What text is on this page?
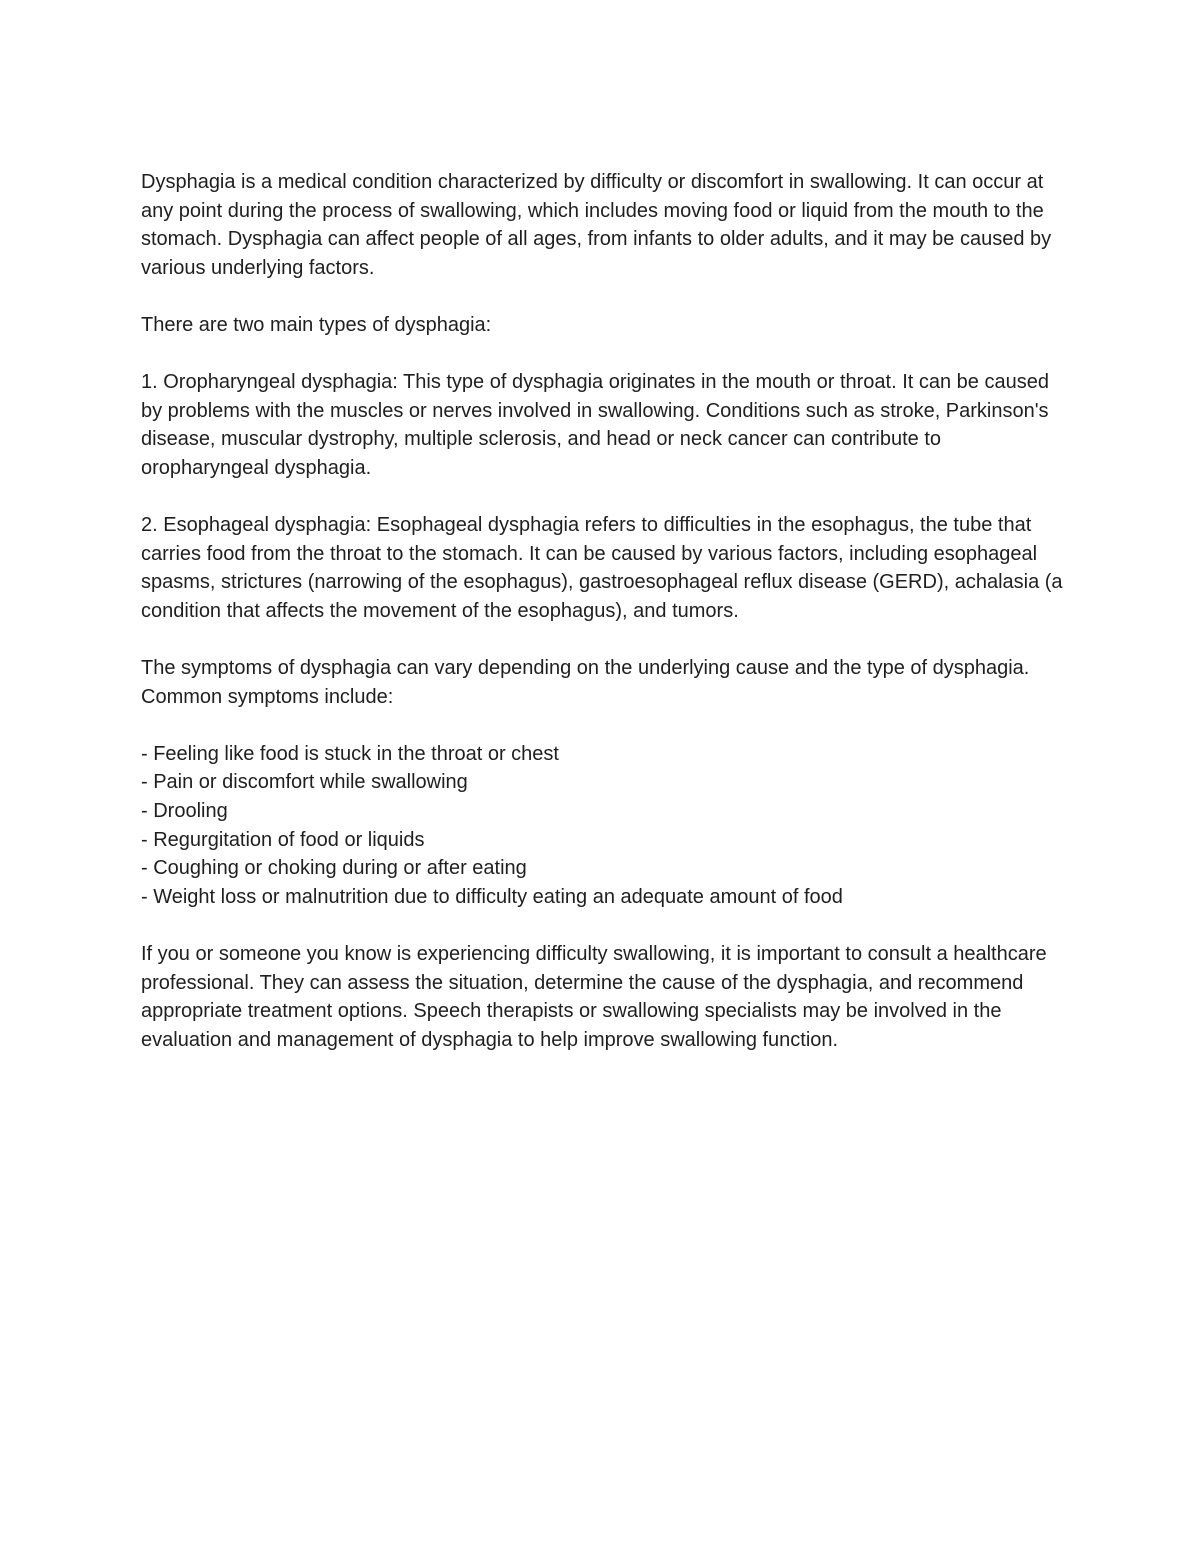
Dysphagia is a medical condition characterized by difficulty or discomfort in swallowing. It can occur at any point during the process of swallowing, which includes moving food or liquid from the mouth to the stomach. Dysphagia can affect people of all ages, from infants to older adults, and it may be caused by various underlying factors.

There are two main types of dysphagia:

1. Oropharyngeal dysphagia: This type of dysphagia originates in the mouth or throat. It can be caused by problems with the muscles or nerves involved in swallowing. Conditions such as stroke, Parkinson's disease, muscular dystrophy, multiple sclerosis, and head or neck cancer can contribute to oropharyngeal dysphagia.

2. Esophageal dysphagia: Esophageal dysphagia refers to difficulties in the esophagus, the tube that carries food from the throat to the stomach. It can be caused by various factors, including esophageal spasms, strictures (narrowing of the esophagus), gastroesophageal reflux disease (GERD), achalasia (a condition that affects the movement of the esophagus), and tumors.

The symptoms of dysphagia can vary depending on the underlying cause and the type of dysphagia. Common symptoms include:

- Feeling like food is stuck in the throat or chest
- Pain or discomfort while swallowing
- Drooling
- Regurgitation of food or liquids
- Coughing or choking during or after eating
- Weight loss or malnutrition due to difficulty eating an adequate amount of food

If you or someone you know is experiencing difficulty swallowing, it is important to consult a healthcare professional. They can assess the situation, determine the cause of the dysphagia, and recommend appropriate treatment options. Speech therapists or swallowing specialists may be involved in the evaluation and management of dysphagia to help improve swallowing function.
